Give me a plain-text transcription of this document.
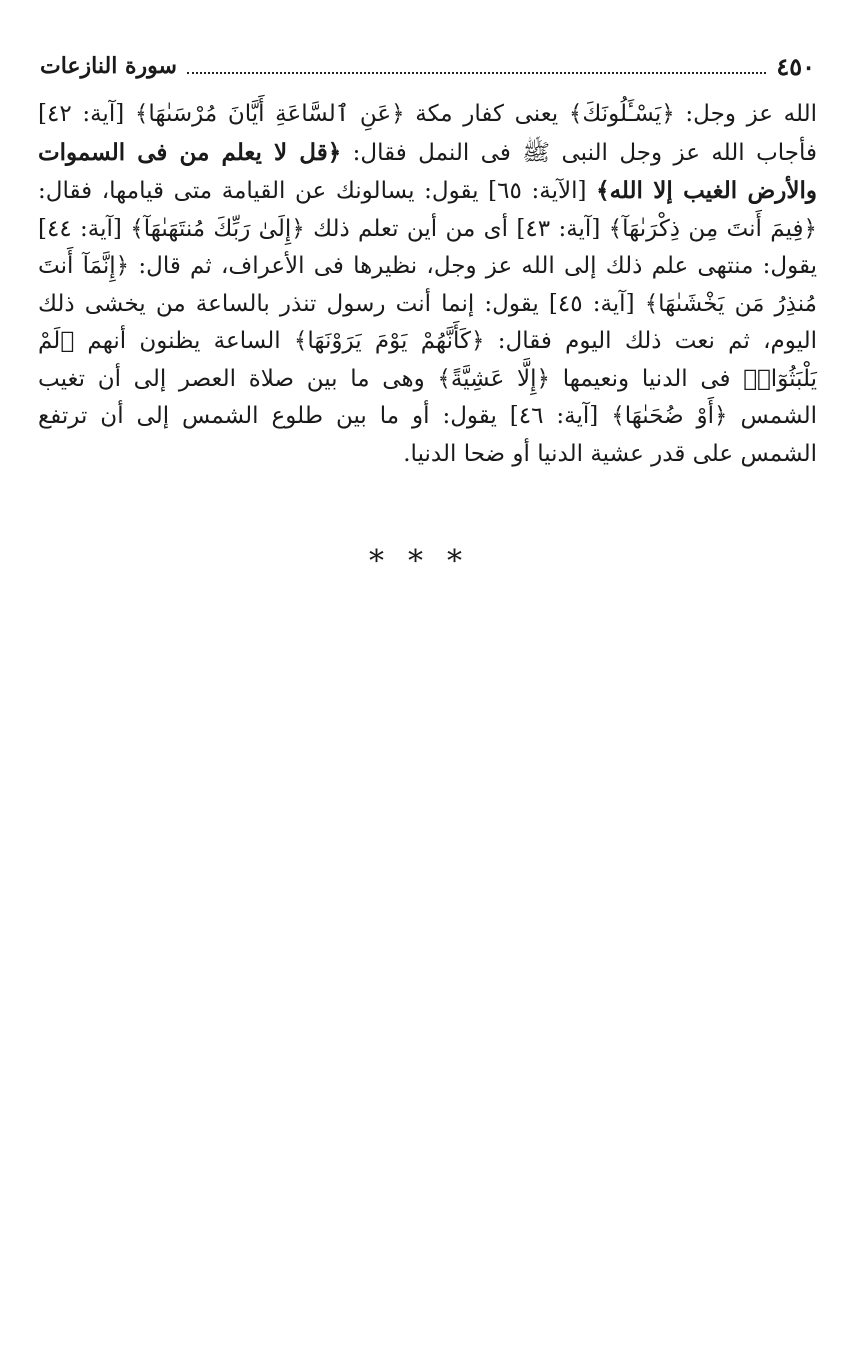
٤٥٠
سورة النازعات

الله عز وجل: ﴿يَسْـَٔلُونَكَ﴾ يعنى كفار مكة ﴿عَنِ ٱلسَّاعَةِ أَيَّانَ مُرْسَىٰهَا﴾ [آية: ٤٢] فأجاب الله عز وجل النبى ﷺ فى النمل فقال: ﴿قل لا يعلم من فى السموات والأرض الغيب إلا الله﴾ [الآية: ٦٥] يقول: يسالونك عن القيامة متى قيامها، فقال: ﴿فِيمَ أَنتَ مِن ذِكْرَىٰهَآ﴾ [آية: ٤٣] أى من أين تعلم ذلك ﴿إِلَىٰ رَبِّكَ مُنتَهَىٰهَآ﴾ [آية: ٤٤] يقول: منتهى علم ذلك إلى الله عز وجل، نظيرها فى الأعراف، ثم قال: ﴿إِنَّمَآ أَنتَ مُنذِرُ مَن يَخْشَىٰهَا﴾ [آية: ٤٥] يقول: إنما أنت رسول تنذر بالساعة من يخشى ذلك اليوم، ثم نعت ذلك اليوم فقال: ﴿كَأَنَّهُمْ يَوْمَ يَرَوْنَهَا﴾ الساعة يظنون أنهم ﴿لَمْ يَلْبَثُوٓا۟﴾ فى الدنيا ونعيمها ﴿إِلَّا عَشِيَّةً﴾ وهى ما بين صلاة العصر إلى أن تغيب الشمس ﴿أَوْ ضُحَىٰهَا﴾ [آية: ٤٦] يقول: أو ما بين طلوع الشمس إلى أن ترتفع الشمس على قدر عشية الدنيا أو ضحا الدنيا.

***
